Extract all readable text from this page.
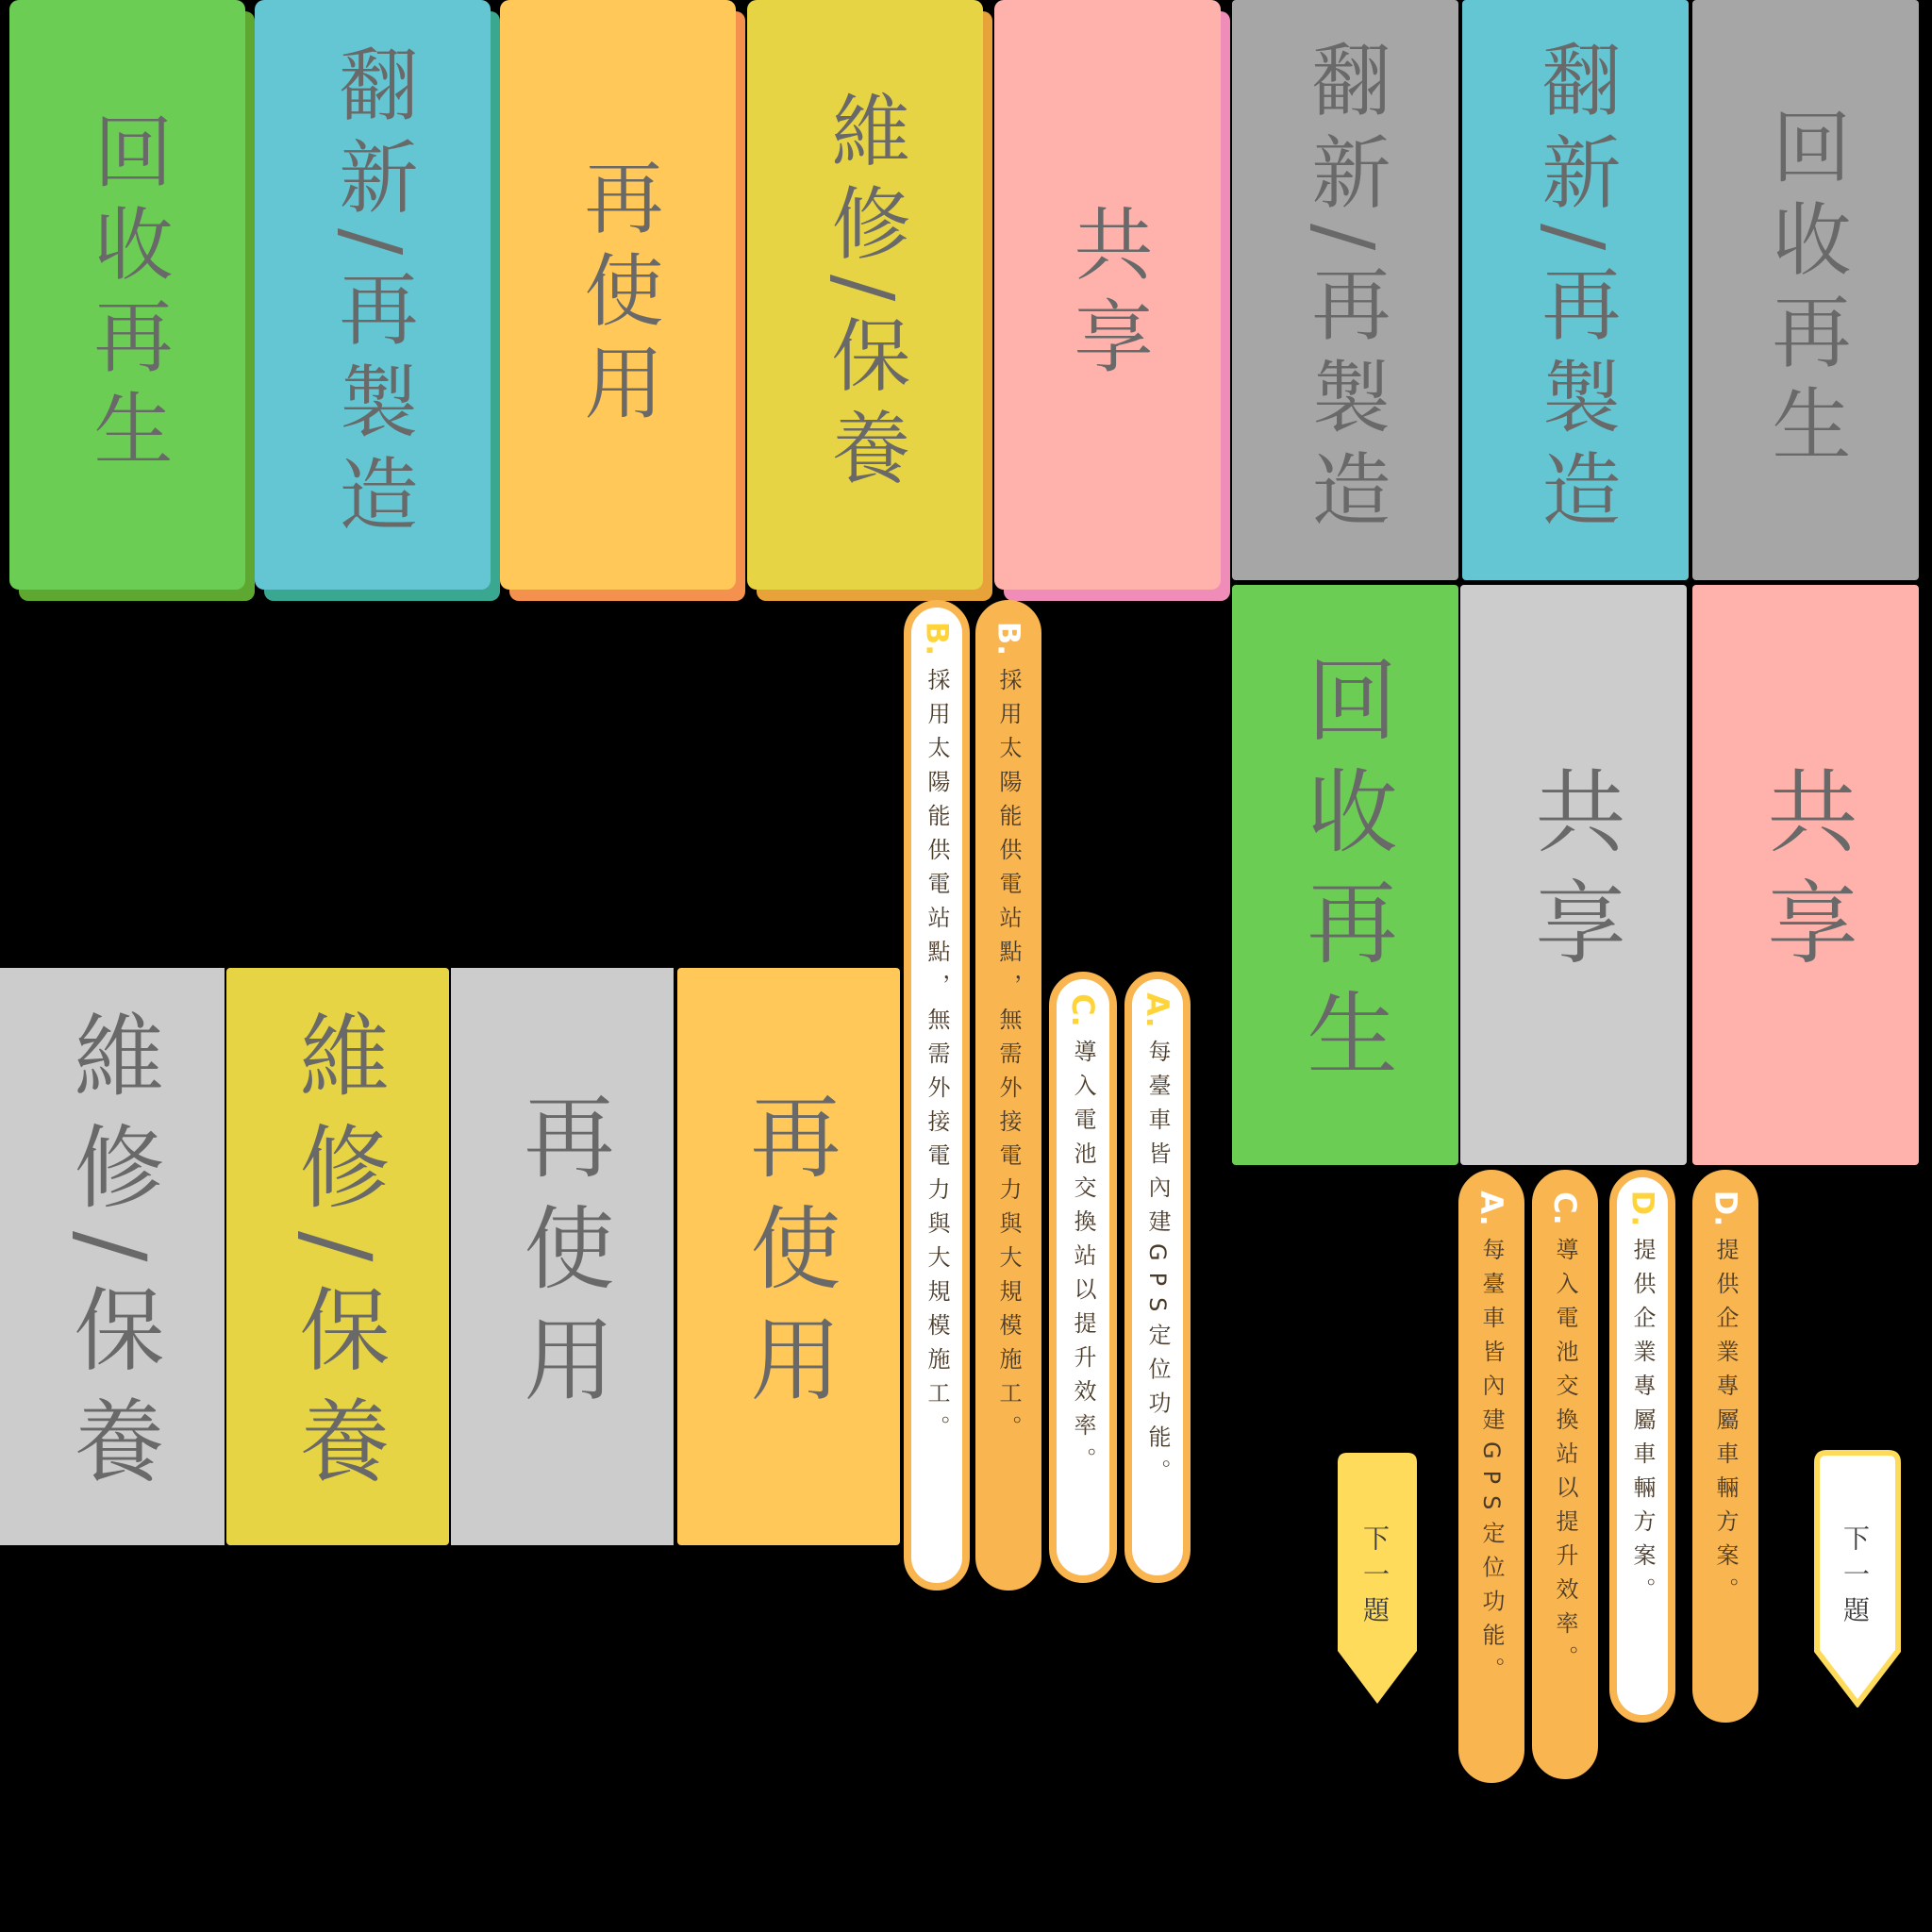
回收再生 翻新/再製造 再使用 維修/保養 共享 翻新/再製造 翻新/再製造 回收再生
回收再生 共享 共享
維修/保養 維修/保養 再使用 再使用
B.
採用太陽能供電站點，無需外接電力與大規模施工。
B.
採用太陽能供電站點，無需外接電力與大規模施工。 C.
導入電池交換站以提升效率。
A.
每臺車皆內建GPS定位功能。	A.
每臺車皆內建GPS定位功能。
C.
導入電池交換站以提升效率。
D.
提供企業專屬車輛方案。
D.
提供企業專屬車輛方案。
下一題	下一題
